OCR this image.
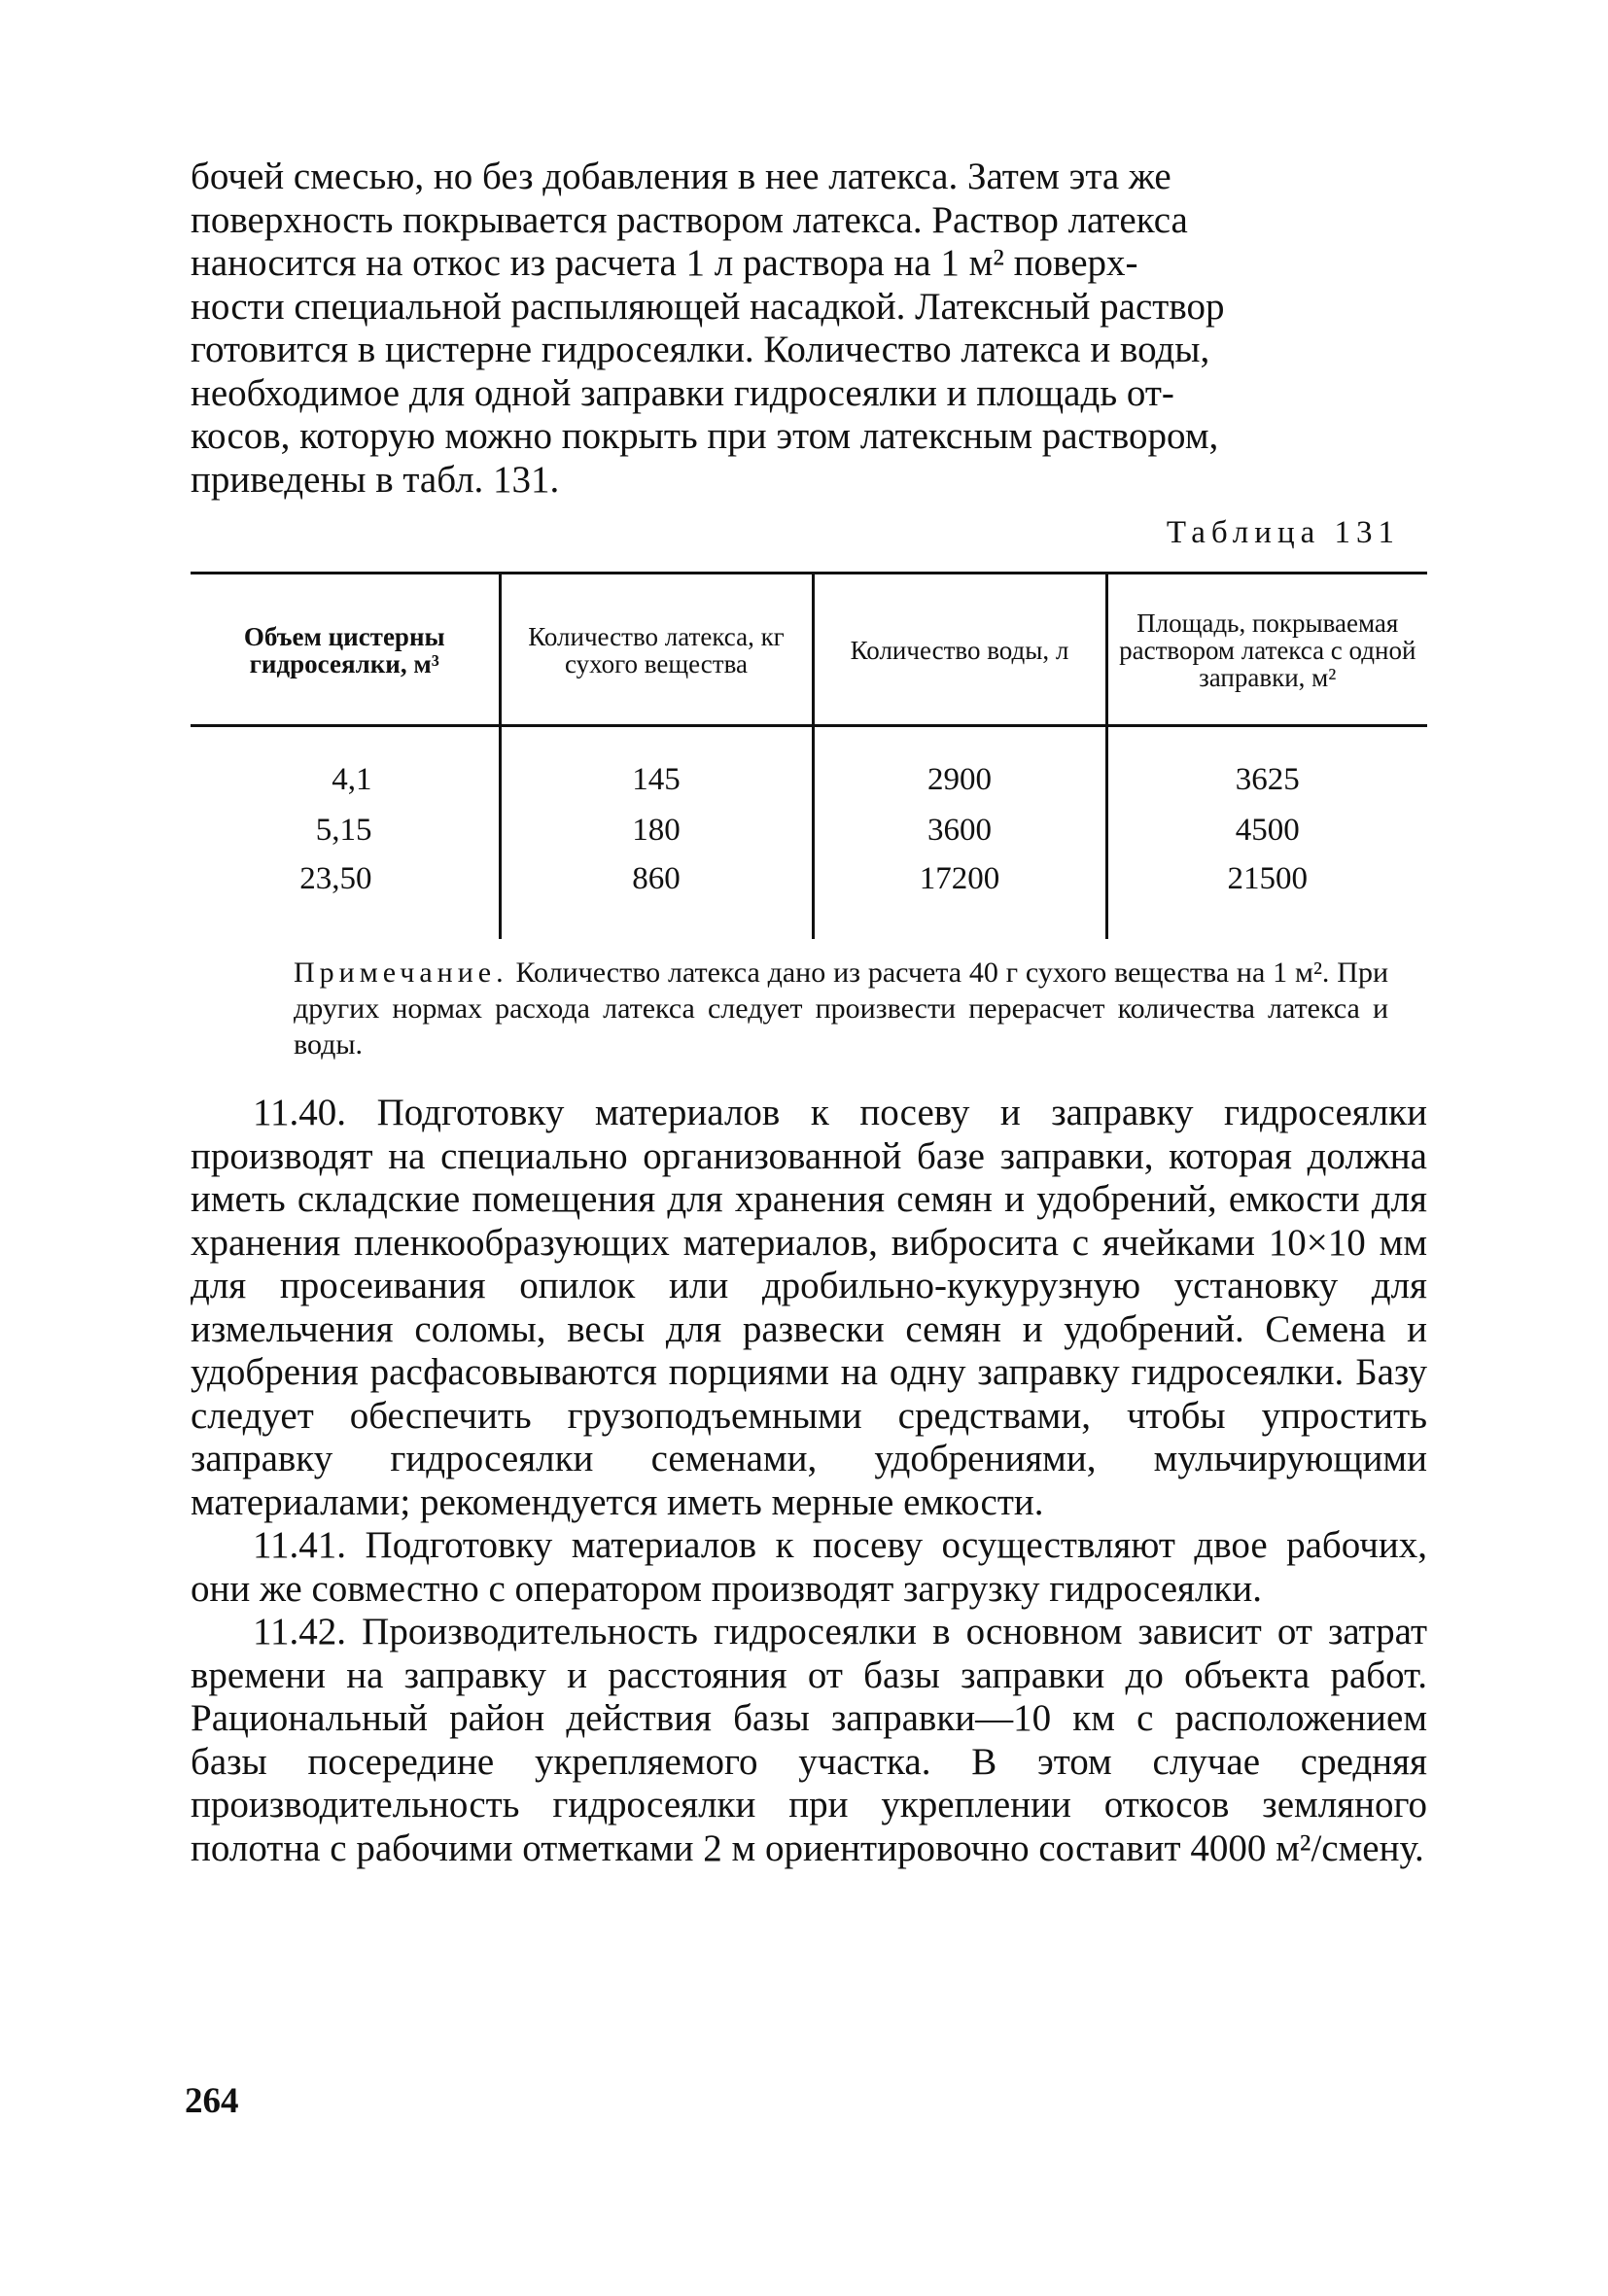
бочей смесью, но без добавления в нее латекса. Затем эта же
поверхность покрывается раствором латекса. Раствор латекса
наносится на откос из расчета 1 л раствора на 1 м² поверх-
ности специальной распыляющей насадкой. Латексный раствор
готовится в цистерне гидросеялки. Количество латекса и воды,
необходимое для одной заправки гидросеялки и площадь от-
косов, которую можно покрыть при этом латексным раствором,
приведены в табл. 131.
Таблица 131
Объем цистерны гидросеялки, м³	Количество латекса, кг сухого вещества	Количество воды, л	Площадь, покрываемая раствором латекса с одной заправки, м²
4,1	145	2900	3625
5,15	180	3600	4500
23,50	860	17200	21500
Примечание. Количество латекса дано из расчета 40 г сухого вещества на 1 м². При других нормах расхода латекса следует произвести перерасчет количества латекса и воды.

11.40. Подготовку материалов к посеву и заправку гидросеялки производят на специально организованной базе заправки, которая должна иметь складские помещения для хранения семян и удобрений, емкости для хранения пленкообразующих материалов, вибросита с ячейками 10×10 мм для просеивания опилок или дробильно-кукурузную установку для измельчения соломы, весы для развески семян и удобрений. Семена и удобрения расфасовываются порциями на одну заправку гидросеялки. Базу следует обеспечить грузоподъемными средствами, чтобы упростить заправку гидросеялки семенами, удобрениями, мульчирующими материалами; рекомендуется иметь мерные емкости.

11.41. Подготовку материалов к посеву осуществляют двое рабочих, они же совместно с оператором производят загрузку гидросеялки.

11.42. Производительность гидросеялки в основном зависит от затрат времени на заправку и расстояния от базы заправки до объекта работ. Рациональный район действия базы заправки—10 км с расположением базы посередине укрепляемого участка. В этом случае средняя производительность гидросеялки при укреплении откосов земляного полотна с рабочими отметками 2 м ориентировочно составит 4000 м²/смену.

264
